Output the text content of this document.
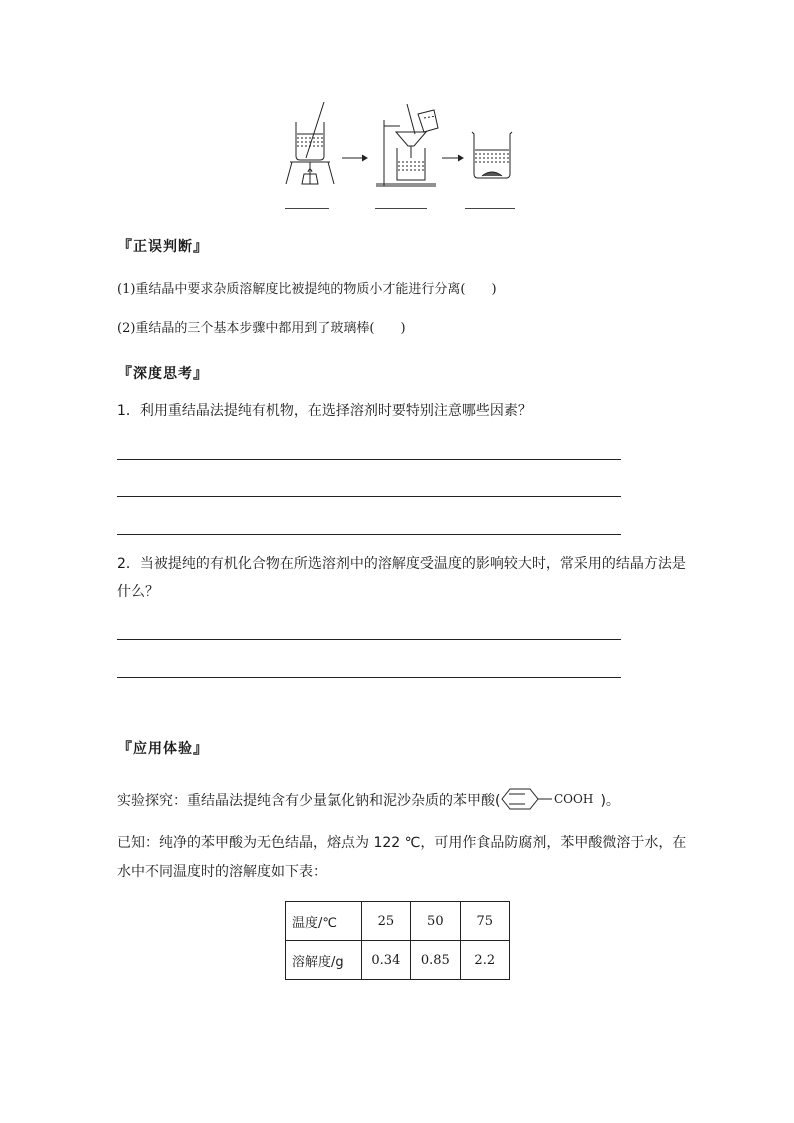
『正误判断』
(1)重结晶中要求杂质溶解度比被提纯的物质小才能进行分离(　　)
(2)重结晶的三个基本步骤中都用到了玻璃棒(　　)
『深度思考』
1．利用重结晶法提纯有机物，在选择溶剂时要特别注意哪些因素？
2．当被提纯的有机化合物在所选溶剂中的溶解度受温度的影响较大时，常采用的结晶方法是
什么？
『应用体验』
实验探究：重结晶法提纯含有少量氯化钠和泥沙杂质的苯甲酸(	COOH )。
已知：纯净的苯甲酸为无色结晶，熔点为 122 ℃，可用作食品防腐剂，苯甲酸微溶于水，在
水中不同温度时的溶解度如下表：
温度/℃	25	50	75
溶解度/g	0.34	0.85	2.2
